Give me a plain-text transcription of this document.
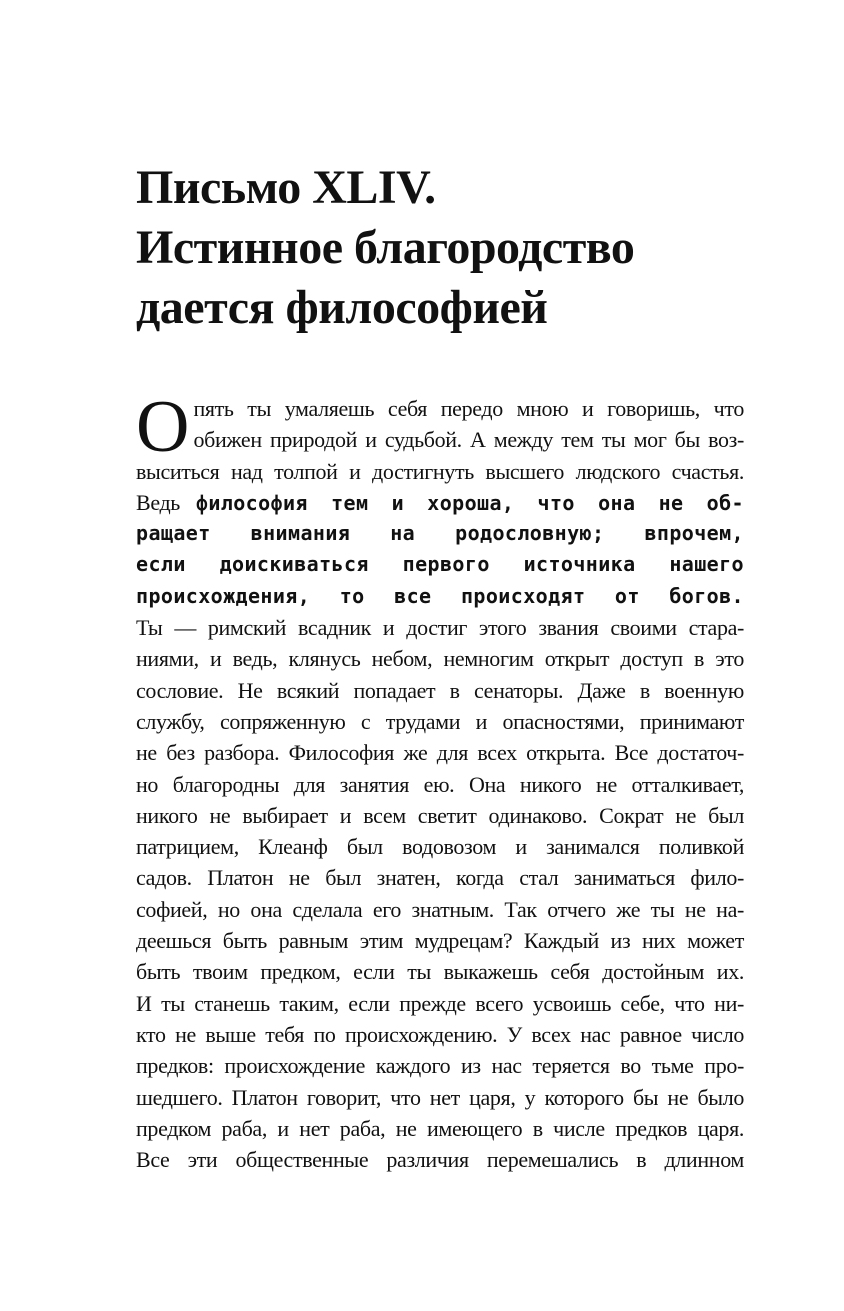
Письмо XLIV.
Истинное благородство
дается философией
О пять ты умаляешь себя передо мною и говоришь, что
обижен природой и судьбой. А между тем ты мог бы воз-
выситься над толпой и достигнуть высшего людского счастья.
Ведь философия тем и хороша, что она не об-
ращает внимания на родословную; впрочем,
если доискиваться первого источника нашего
происхождения, то все происходят от богов.
Ты — римский всадник и достиг этого звания своими стара-
ниями, и ведь, клянусь небом, немногим открыт доступ в это
сословие. Не всякий попадает в сенаторы. Даже в военную
службу, сопряженную с трудами и опасностями, принимают
не без разбора. Философия же для всех открыта. Все достаточ-
но благородны для занятия ею. Она никого не отталкивает,
никого не выбирает и всем светит одинаково. Сократ не был
патрицием, Клеанф был водовозом и занимался поливкой
садов. Платон не был знатен, когда стал заниматься фило-
софией, но она сделала его знатным. Так отчего же ты не на-
деешься быть равным этим мудрецам? Каждый из них может
быть твоим предком, если ты выкажешь себя достойным их.
И ты станешь таким, если прежде всего усвоишь себе, что ни-
кто не выше тебя по происхождению. У всех нас равное число
предков: происхождение каждого из нас теряется во тьме про-
шедшего. Платон говорит, что нет царя, у которого бы не было
предком раба, и нет раба, не имеющего в числе предков царя.
Все эти общественные различия перемешались в длинном
